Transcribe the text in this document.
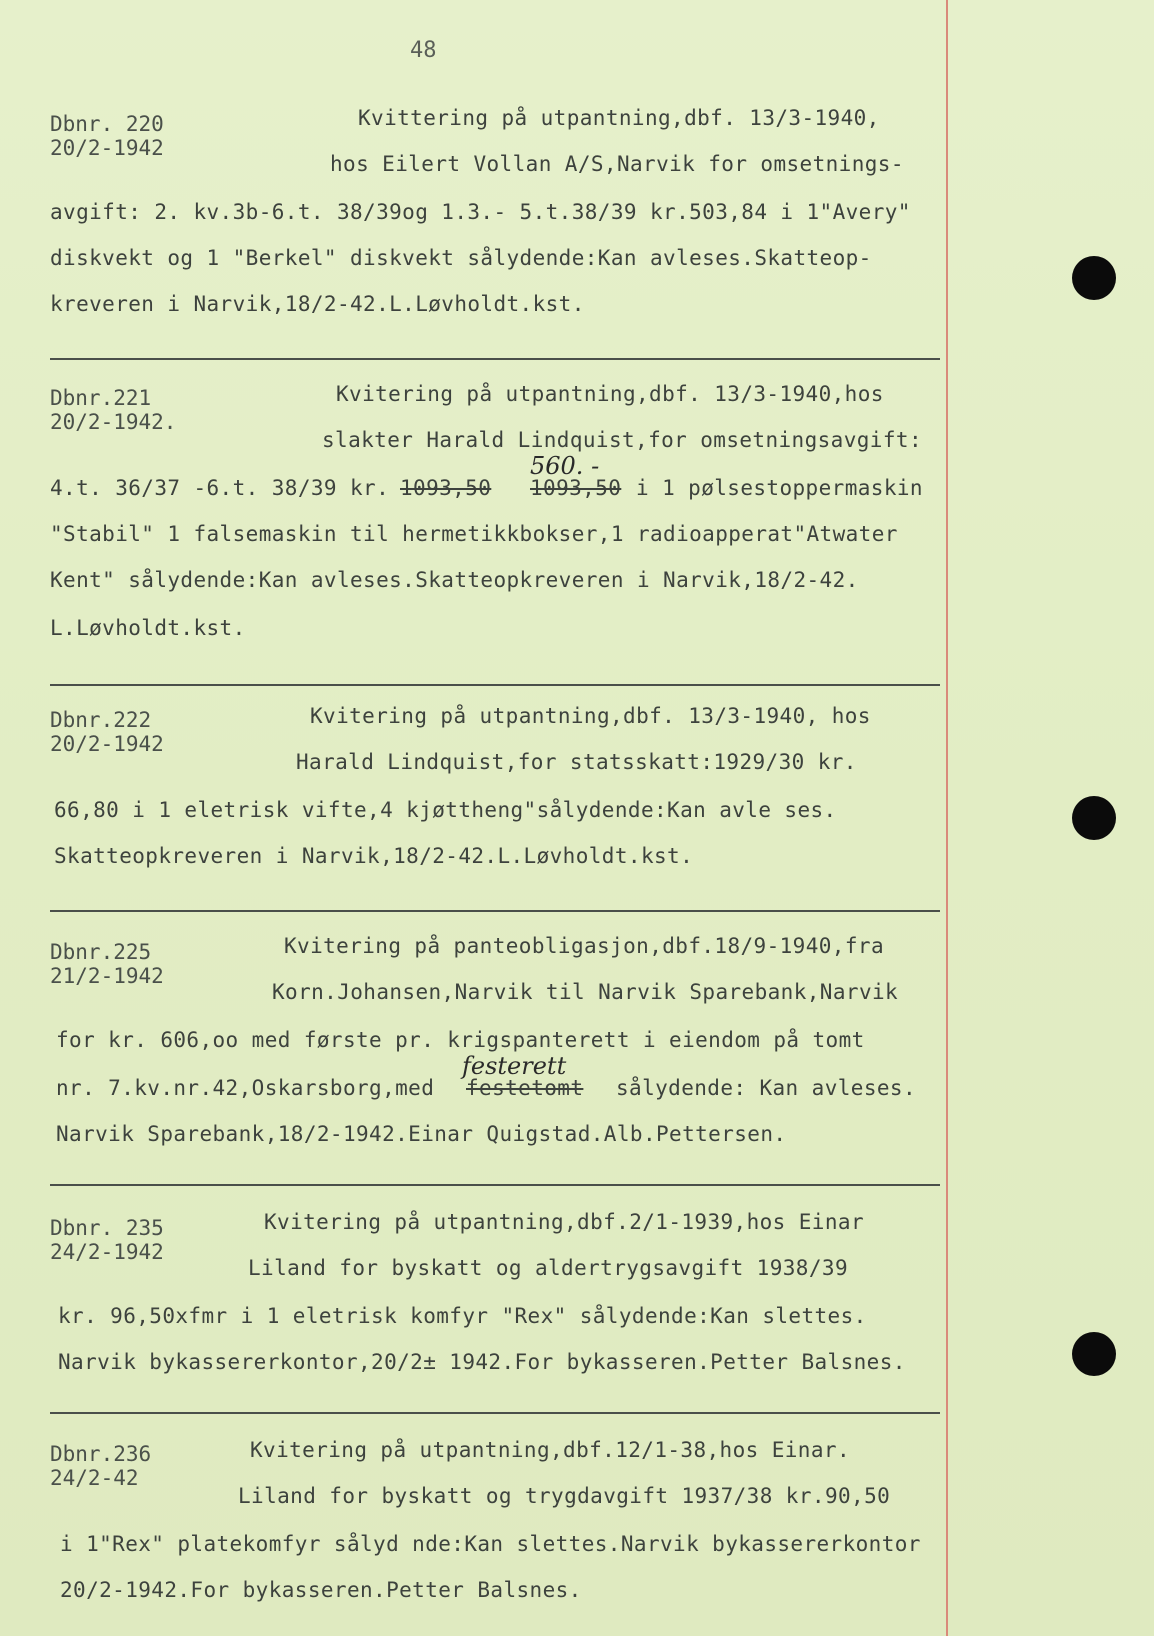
48
Dbnr. 220
20/2-1942
Kvittering på utpantning,dbf. 13/3-1940,
hos Eilert Vollan A/S,Narvik for omsetnings-
avgift: 2. kv.3b-6.t. 38/39og 1.3.- 5.t.38/39 kr.503,84 i 1"Avery"
diskvekt og 1 "Berkel" diskvekt sålydende:Kan avleses.Skatteop-
kreveren i Narvik,18/2-42.L.Løvholdt.kst.
Dbnr.221
20/2-1942.
Kvitering på utpantning,dbf. 13/3-1940,hos
slakter Harald Lindquist,for omsetningsavgift:
560. -
4.t. 36/37 -6.t. 38/39 kr. 1093,50 1093,50 i 1 pølsestoppermaskin
"Stabil" 1 falsemaskin til hermetikkbokser,1 radioapperat"Atwater
Kent" sålydende:Kan avleses.Skatteopkreveren i Narvik,18/2-42.
L.Løvholdt.kst.
Dbnr.222
20/2-1942
Kvitering på utpantning,dbf. 13/3-1940, hos
Harald Lindquist,for statsskatt:1929/30 kr.
66,80 i 1 eletrisk vifte,4 kjøttheng"sålydende:Kan avle ses.
Skatteopkreveren i Narvik,18/2-42.L.Løvholdt.kst.
Dbnr.225
21/2-1942
Kvitering på panteobligasjon,dbf.18/9-1940,fra
Korn.Johansen,Narvik til Narvik Sparebank,Narvik
for kr. 606,oo med første pr. krigspanterett i eiendom på tomt
nr. 7.kv.nr.42,Oskarsborg,med
festerett
festetomt sålydende: Kan avleses.
Narvik Sparebank,18/2-1942.Einar Quigstad.Alb.Pettersen.
Dbnr. 235
24/2-1942
Kvitering på utpantning,dbf.2/1-1939,hos Einar
Liland for byskatt og aldertrygsavgift 1938/39
kr. 96,50xfmr i 1 eletrisk komfyr "Rex" sålydende:Kan slettes.
Narvik bykassererkontor,20/2± 1942.For bykasseren.Petter Balsnes.
Dbnr.236
24/2-42
Kvitering på utpantning,dbf.12/1-38,hos Einar.
Liland for byskatt og trygdavgift 1937/38 kr.90,50
i 1"Rex" platekomfyr sålyd nde:Kan slettes.Narvik bykassererkontor
20/2-1942.For bykasseren.Petter Balsnes.
